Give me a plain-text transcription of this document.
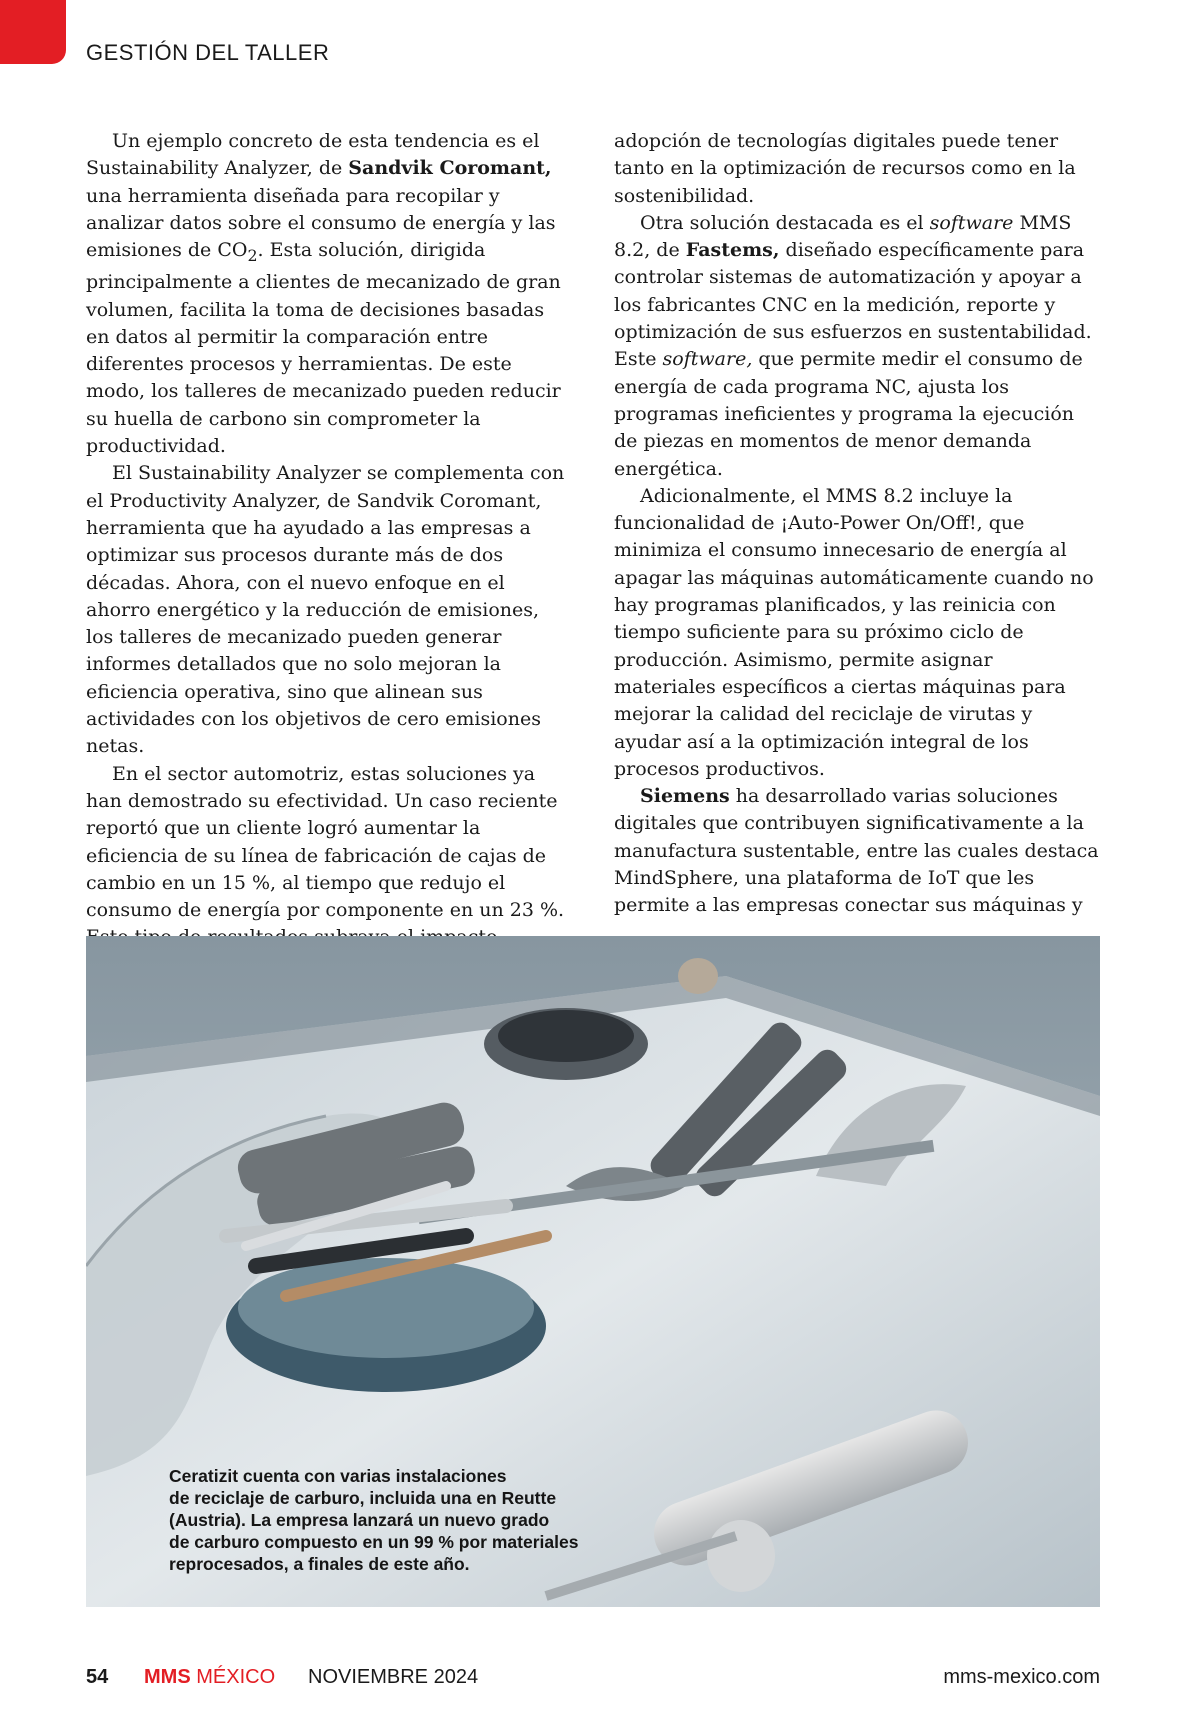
GESTIÓN DEL TALLER

Un ejemplo concreto de esta tendencia es el Sustainability Analyzer, de Sandvik Coromant, una herramienta diseñada para recopilar y analizar datos sobre el consumo de energía y las emisiones de $CO_2$. Esta solución, dirigida principalmente a clientes de mecanizado de gran volumen, facilita la toma de decisiones basadas en datos al permitir la comparación entre diferentes procesos y herramientas. De este modo, los talleres de mecanizado pueden reducir su huella de carbono sin comprometer la productividad.

El Sustainability Analyzer se complementa con el Productivity Analyzer, de Sandvik Coromant, herramienta que ha ayudado a las empresas a optimizar sus procesos durante más de dos décadas. Ahora, con el nuevo enfoque en el ahorro energético y la reducción de emisiones, los talleres de mecanizado pueden generar informes detallados que no solo mejoran la eficiencia operativa, sino que alinean sus actividades con los objetivos de cero emisiones netas.

En el sector automotriz, estas soluciones ya han demostrado su efectividad. Un caso reciente reportó que un cliente logró aumentar la eficiencia de su línea de fabricación de cajas de cambio en un 15 %, al tiempo que redujo el consumo de energía por componente en un 23 %.

adopción de tecnologías digitales puede tener tanto en la optimización de recursos como en la sostenibilidad.

Otra solución destacada es el software MMS 8.2, de Fastems, diseñado específicamente para controlar sistemas de automatización y apoyar a los fabricantes CNC en la medición, reporte y optimización de sus esfuerzos en sustentabilidad. Este software, que permite medir el consumo de energía de cada programa NC, ajusta los programas ineficientes y programa la ejecución de piezas en momentos de menor demanda energética.

Adicionalmente, el MMS 8.2 incluye la funcionalidad de ¡Auto-Power On/Off!, que minimiza el consumo innecesario de energía al apagar las máquinas automáticamente cuando no hay programas planificados, y las reinicia con tiempo suficiente para su próximo ciclo de producción. Asimismo, permite asignar materiales específicos a ciertas máquinas para mejorar la calidad del reciclaje de virutas y ayudar así a la optimización integral de los procesos productivos.

Siemens ha desarrollado varias soluciones digitales que contribuyen significativamente a la manufactura sustentable, entre las cuales destaca MindSphere, una plataforma de IoT que les permite a las empresas conectar sus máquinas y

Ceratizit cuenta con varias instalaciones
de reciclaje de carburo, incluida una en Reutte
(Austria). La empresa lanzará un nuevo grado
de carburo compuesto en un 99 % por materiales
reprocesados, a finales de este año.
54 MMS MÉXICO NOVIEMBRE 2024	mms-mexico.com
